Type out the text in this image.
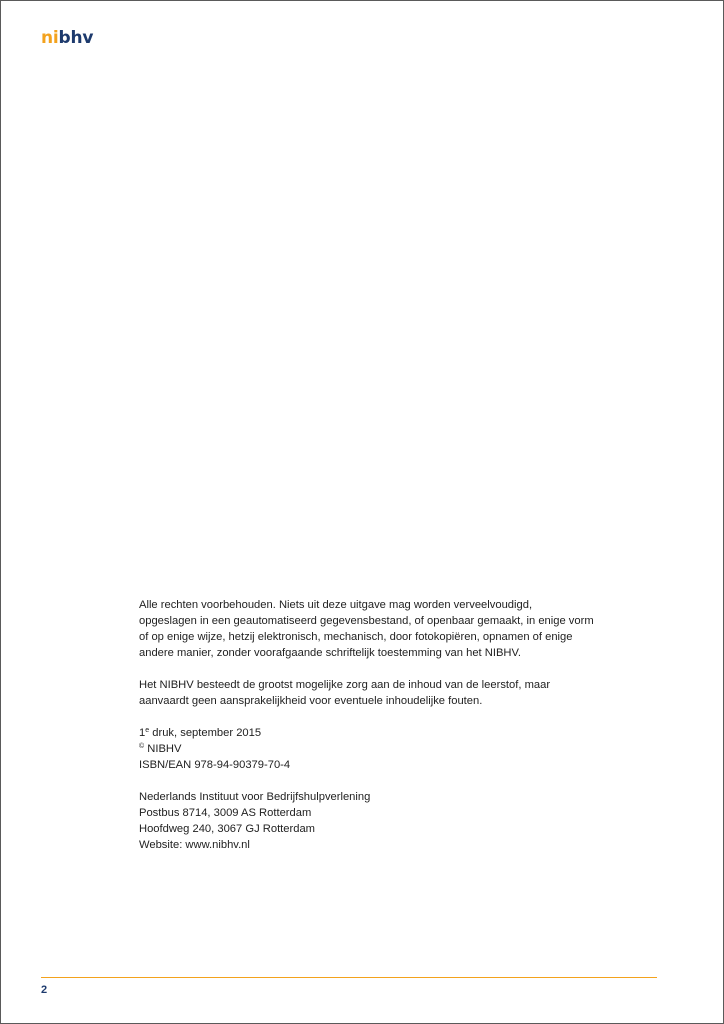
nibhv

Alle rechten voorbehouden. Niets uit deze uitgave mag worden verveelvoudigd,

opgeslagen in een geautomatiseerd gegevensbestand, of openbaar gemaakt, in enige vorm

of op enige wijze, hetzij elektronisch, mechanisch, door fotokopiëren, opnamen of enige

andere manier, zonder voorafgaande schriftelijk toestemming van het NIBHV.

Het NIBHV besteedt de grootst mogelijke zorg aan de inhoud van de leerstof, maar

aanvaardt geen aansprakelijkheid voor eventuele inhoudelijke fouten.

1e druk, september 2015

© NIBHV

ISBN/EAN 978-94-90379-70-4

Nederlands Instituut voor Bedrijfshulpverlening

Postbus 8714, 3009 AS Rotterdam

Hoofdweg 240, 3067 GJ Rotterdam

Website: www.nibhv.nl

2
